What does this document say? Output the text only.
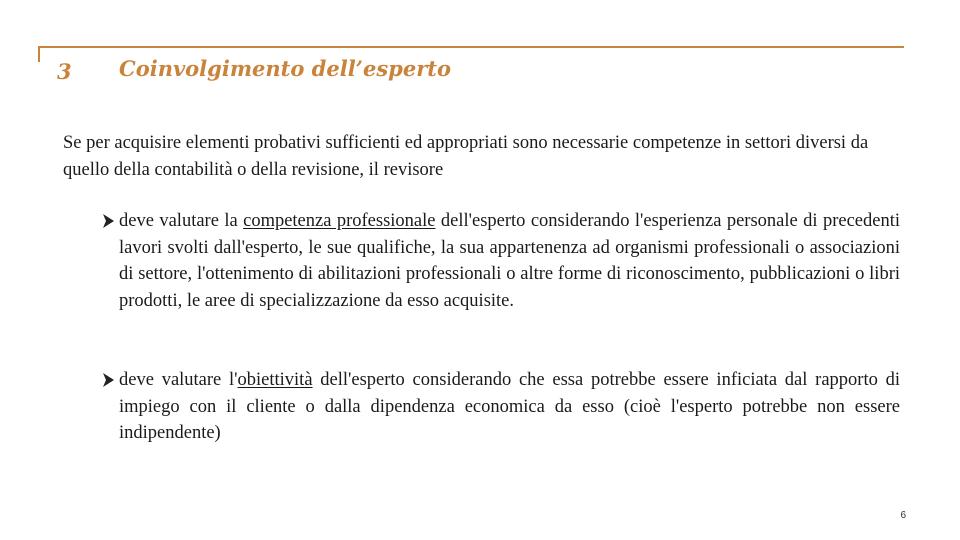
3 Coinvolgimento dell’esperto

Se per acquisire elementi probativi sufficienti ed appropriati sono necessarie competenze in settori diversi da quello della contabilità o della revisione, il revisore

deve valutare la competenza professionale dell'esperto considerando l'esperienza personale di precedenti lavori svolti dall'esperto, le sue qualifiche, la sua appartenenza ad organismi professionali o associazioni di settore, l'ottenimento di abilitazioni professionali o altre forme di riconoscimento, pubblicazioni o libri prodotti, le aree di specializzazione da esso acquisite.

deve valutare l'obiettività dell'esperto considerando che essa potrebbe essere inficiata dal rapporto di impiego con il cliente o dalla dipendenza economica da esso (cioè l'esperto potrebbe non essere indipendente)

6
